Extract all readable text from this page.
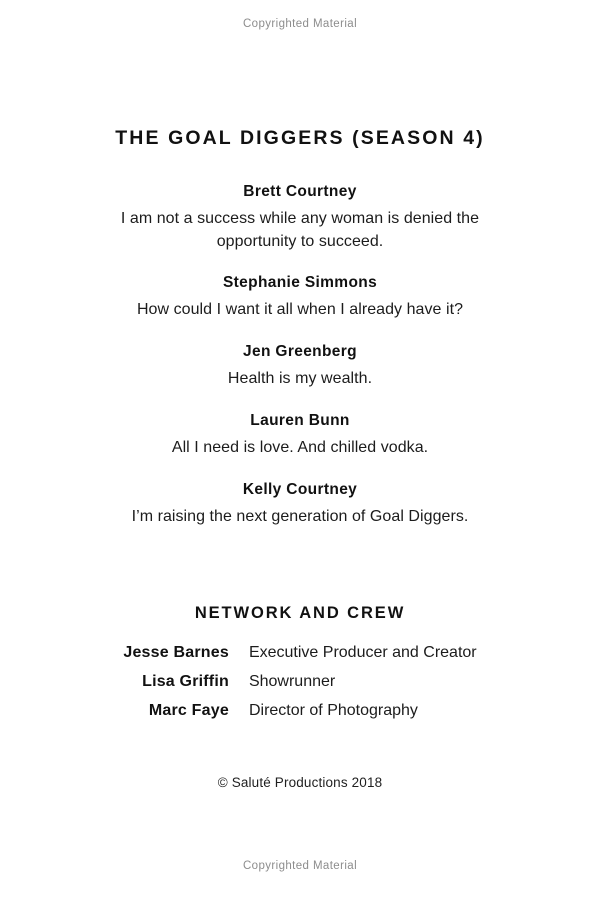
Copyrighted Material
THE GOAL DIGGERS (SEASON 4)
Brett Courtney
I am not a success while any woman is denied the opportunity to succeed.
Stephanie Simmons
How could I want it all when I already have it?
Jen Greenberg
Health is my wealth.
Lauren Bunn
All I need is love. And chilled vodka.
Kelly Courtney
I’m raising the next generation of Goal Diggers.
NETWORK AND CREW
Jesse Barnes	Executive Producer and Creator
Lisa Griffin	Showrunner
Marc Faye	Director of Photography
© Saluté Productions 2018
Copyrighted Material
